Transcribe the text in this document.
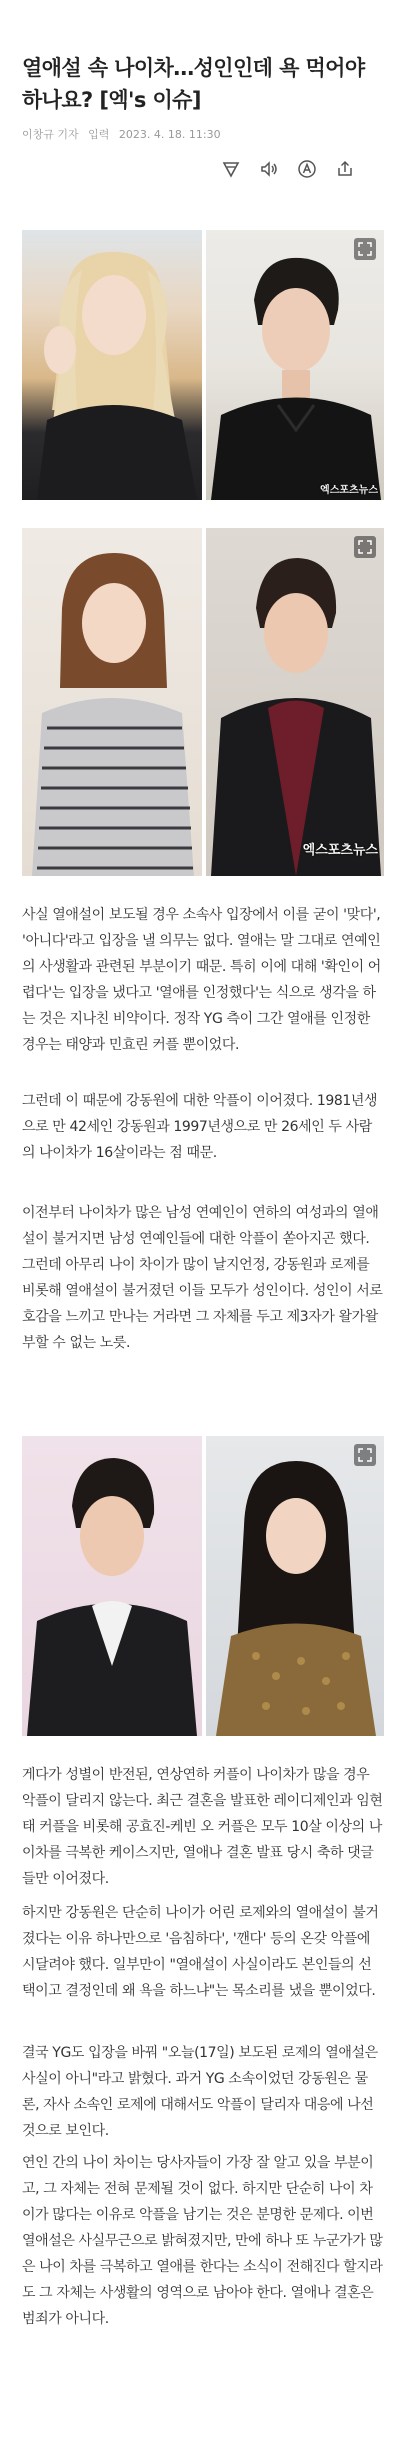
열애설 속 나이차…성인인데 욕 먹어야 하나요? [엑's 이슈]
이창규 기자 입력 2023. 4. 18. 11:30
엑스포츠뉴스
엑스포츠뉴스

사실 열애설이 보도될 경우 소속사 입장에서 이를 굳이 '맞다', '아니다'라고 입장을 낼 의무는 없다. 열애는 말 그대로 연예인의 사생활과 관련된 부분이기 때문. 특히 이에 대해 '확인이 어렵다'는 입장을 냈다고 '열애를 인정했다'는 식으로 생각을 하는 것은 지나친 비약이다. 정작 YG 측이 그간 열애를 인정한 경우는 태양과 민효린 커플 뿐이었다.

그런데 이 때문에 강동원에 대한 악플이 이어졌다. 1981년생으로 만 42세인 강동원과 1997년생으로 만 26세인 두 사람의 나이차가 16살이라는 점 때문.

이전부터 나이차가 많은 남성 연예인이 연하의 여성과의 열애설이 불거지면 남성 연예인들에 대한 악플이 쏟아지곤 했다. 그런데 아무리 나이 차이가 많이 날지언정, 강동원과 로제를 비롯해 열애설이 불거졌던 이들 모두가 성인이다. 성인이 서로 호감을 느끼고 만나는 거라면 그 자체를 두고 제3자가 왈가왈부할 수 없는 노릇.

게다가 성별이 반전된, 연상연하 커플이 나이차가 많을 경우 악플이 달리지 않는다. 최근 결혼을 발표한 레이디제인과 임현태 커플을 비롯해 공효진-케빈 오 커플은 모두 10살 이상의 나이차를 극복한 케이스지만, 열애나 결혼 발표 당시 축하 댓글들만 이어졌다.

하지만 강동원은 단순히 나이가 어린 로제와의 열애설이 불거졌다는 이유 하나만으로 '음침하다', '깬다' 등의 온갖 악플에 시달려야 했다. 일부만이 "열애설이 사실이라도 본인들의 선택이고 결정인데 왜 욕을 하느냐"는 목소리를 냈을 뿐이었다.

결국 YG도 입장을 바꿔 "오늘(17일) 보도된 로제의 열애설은 사실이 아니"라고 밝혔다. 과거 YG 소속이었던 강동원은 물론, 자사 소속인 로제에 대해서도 악플이 달리자 대응에 나선 것으로 보인다.

연인 간의 나이 차이는 당사자들이 가장 잘 알고 있을 부분이고, 그 자체는 전혀 문제될 것이 없다. 하지만 단순히 나이 차이가 많다는 이유로 악플을 남기는 것은 분명한 문제다. 이번 열애설은 사실무근으로 밝혀졌지만, 만에 하나 또 누군가가 많은 나이 차를 극복하고 열애를 한다는 소식이 전해진다 할지라도 그 자체는 사생활의 영역으로 남아야 한다. 열애나 결혼은 범죄가 아니다.
